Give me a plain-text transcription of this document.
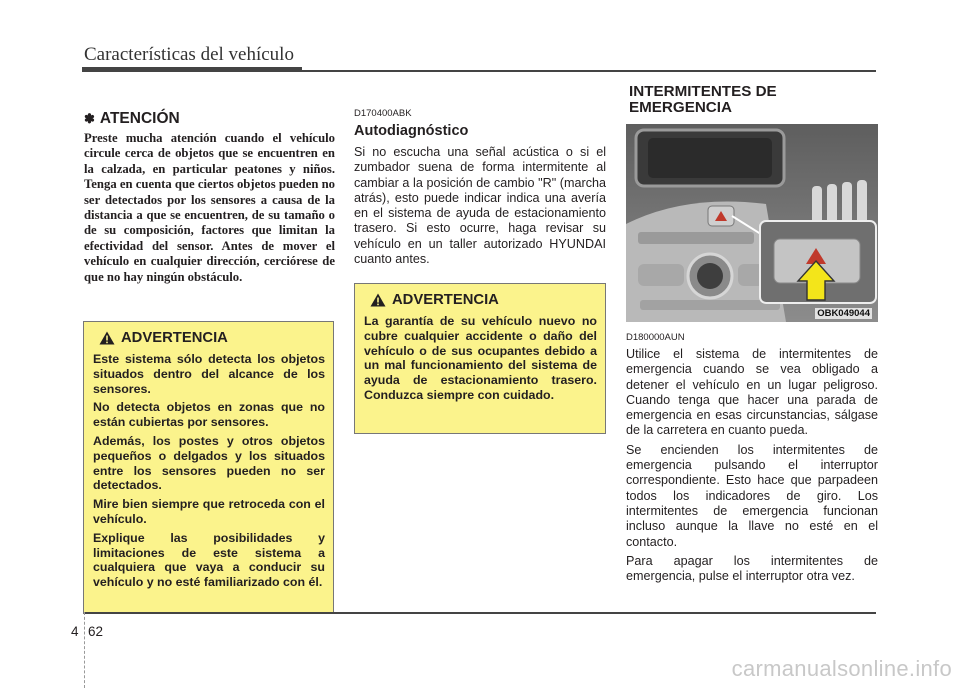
Características del vehículo
✽ ATENCIÓN

Preste mucha atención cuando el vehículo circule cerca de objetos que se encuentren en la calzada, en particular peatones y niños. Tenga en cuenta que ciertos objetos pueden no ser detectados por los sensores a causa de la distancia a que se encuentren, de su tamaño o de su composición, factores que limitan la efectividad del sensor. Antes de mover el vehículo en cualquier dirección, cerciórese de que no hay ningún obstáculo.

ADVERTENCIA

Este sistema sólo detecta los objetos situados dentro del alcance de los sensores.

No detecta objetos en zonas que no están cubiertas por sensores.

Además, los postes y otros objetos pequeños o delgados y los situados entre los sensores pueden no ser detectados.

Mire bien siempre que retroceda con el vehículo.

Explique las posibilidades y limitaciones de este sistema a cualquiera que vaya a conducir su vehículo y no esté familiarizado con él.

D170400ABK
Autodiagnóstico

Si no escucha una señal acústica o si el zumbador suena de forma intermitente al cambiar a la posición de cambio "R" (marcha atrás), esto puede indicar indica una avería en el sistema de ayuda de estacionamiento trasero. Si esto ocurre, haga revisar su vehículo en un taller autorizado HYUNDAI cuanto antes.

ADVERTENCIA

La garantía de su vehículo nuevo no cubre cualquier accidente o daño del vehículo o de sus ocupantes debido a un mal funcionamiento del sistema de ayuda de estacionamiento trasero. Conduzca siempre con cuidado.

INTERMITENTES DE
EMERGENCIA
OBK049044
D180000AUN

Utilice el sistema de intermitentes de emergencia cuando se vea obligado a detener el vehículo en un lugar peligroso. Cuando tenga que hacer una parada de emergencia en esas circunstancias, sálgase de la carretera en cuanto pueda.

Se encienden los intermitentes de emergencia pulsando el interruptor correspondiente. Esto hace que parpadeen todos los indicadores de giro. Los intermitentes de emergencia funcionan incluso aunque la llave no esté en el contacto.

Para apagar los intermitentes de emergencia, pulse el interruptor otra vez.

4 62
carmanualsonline.info
